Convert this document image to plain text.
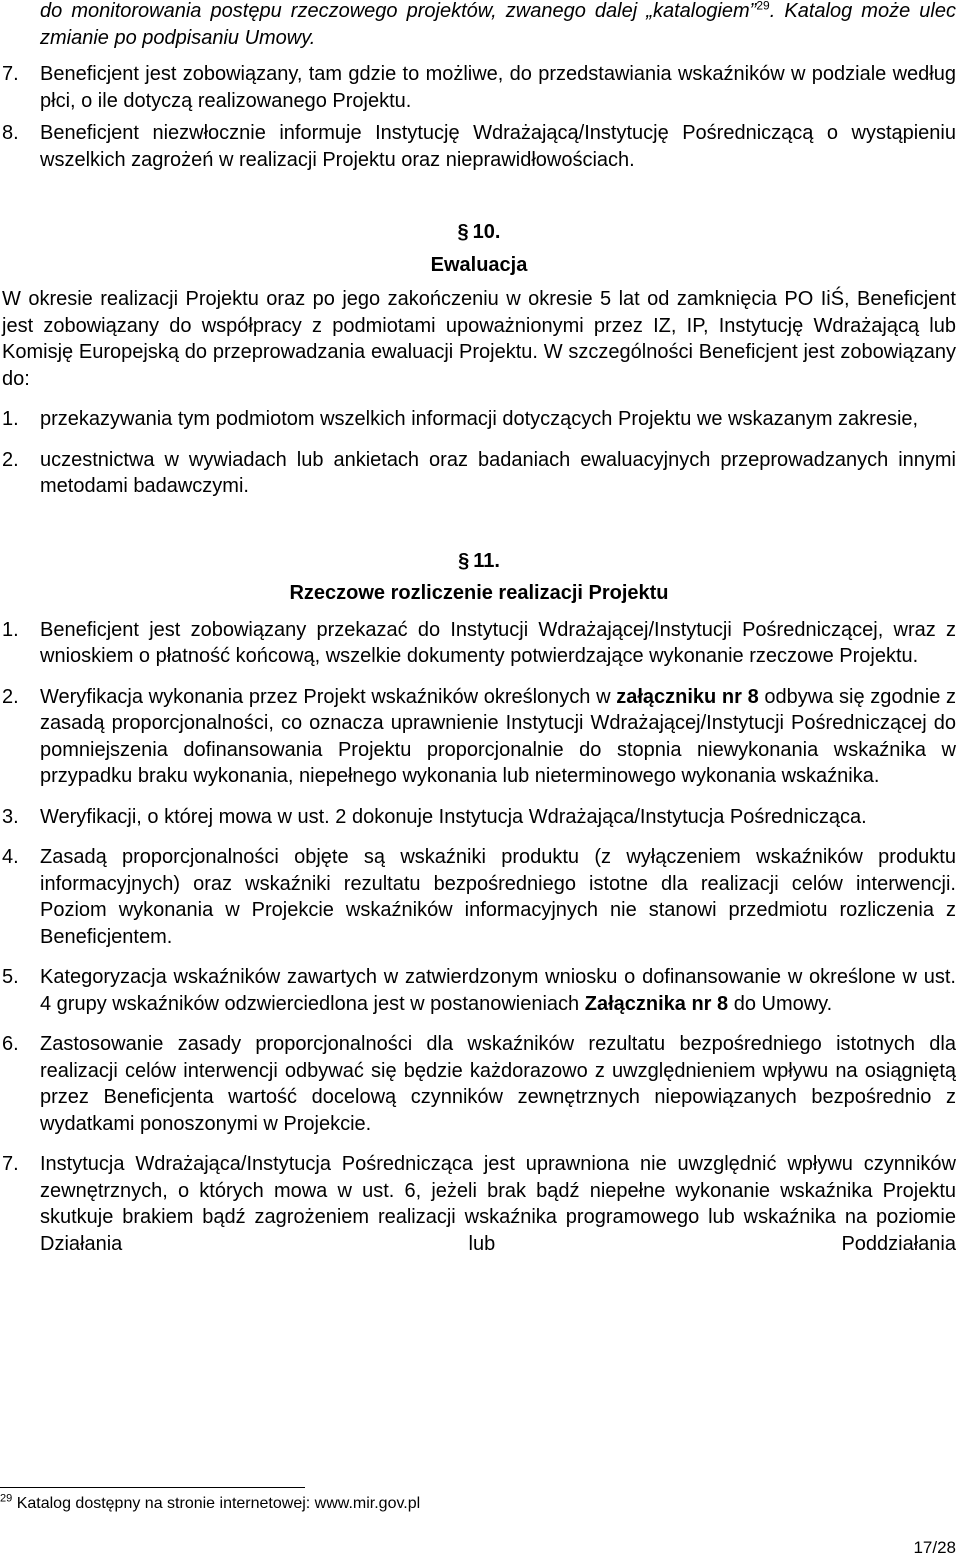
do monitorowania postępu rzeczowego projektów, zwanego dalej „katalogiem”$^{29}$. Katalog może ulec zmianie po podpisaniu Umowy.

7.	Beneficjent jest zobowiązany, tam gdzie to możliwe, do przedstawiania wskaźników w podziale według płci, o ile dotyczą realizowanego Projektu.
8.	Beneficjent niezwłocznie informuje Instytucję Wdrażającą/Instytucję Pośredniczącą o wystąpieniu wszelkich zagrożeń w realizacji Projektu oraz nieprawidłowościach.

§ 10.

Ewaluacja

W okresie realizacji Projektu oraz po jego zakończeniu w okresie 5 lat od zamknięcia PO IiŚ, Beneficjent jest zobowiązany do współpracy z podmiotami upoważnionymi przez IZ, IP, Instytucję Wdrażającą lub Komisję Europejską do przeprowadzania ewaluacji Projektu. W szczególności Beneficjent jest zobowiązany do:

1.	przekazywania tym podmiotom wszelkich informacji dotyczących Projektu we wskazanym zakresie,
2.	uczestnictwa w wywiadach lub ankietach oraz badaniach ewaluacyjnych przeprowadzanych innymi metodami badawczymi.

§ 11.

Rzeczowe rozliczenie realizacji Projektu

1.	Beneficjent jest zobowiązany przekazać do Instytucji Wdrażającej/Instytucji Pośredniczącej, wraz z wnioskiem o płatność końcową, wszelkie dokumenty potwierdzające wykonanie rzeczowe Projektu.
2.	Weryfikacja wykonania przez Projekt wskaźników określonych w załączniku nr 8 odbywa się zgodnie z zasadą proporcjonalności, co oznacza uprawnienie Instytucji Wdrażającej/Instytucji Pośredniczącej do pomniejszenia dofinansowania Projektu proporcjonalnie do stopnia niewykonania wskaźnika w przypadku braku wykonania, niepełnego wykonania lub nieterminowego wykonania wskaźnika.
3.	Weryfikacji, o której mowa w ust. 2 dokonuje Instytucja Wdrażająca/Instytucja Pośrednicząca.
4.	Zasadą proporcjonalności objęte są wskaźniki produktu (z wyłączeniem wskaźników produktu informacyjnych) oraz wskaźniki rezultatu bezpośredniego istotne dla realizacji celów interwencji. Poziom wykonania w Projekcie wskaźników informacyjnych nie stanowi przedmiotu rozliczenia z Beneficjentem.
5.	Kategoryzacja wskaźników zawartych w zatwierdzonym wniosku o dofinansowanie w określone w ust. 4 grupy wskaźników odzwierciedlona jest w postanowieniach Załącznika nr 8 do Umowy.
6.	Zastosowanie zasady proporcjonalności dla wskaźników rezultatu bezpośredniego istotnych dla realizacji celów interwencji odbywać się będzie każdorazowo z uwzględnieniem wpływu na osiągniętą przez Beneficjenta wartość docelową czynników zewnętrznych niepowiązanych bezpośrednio z wydatkami ponoszonymi w Projekcie.
7.	Instytucja Wdrażająca/Instytucja Pośrednicząca jest uprawniona nie uwzględnić wpływu czynników zewnętrznych, o których mowa w ust. 6, jeżeli brak bądź niepełne wykonanie wskaźnika Projektu skutkuje brakiem bądź zagrożeniem realizacji wskaźnika programowego lub wskaźnika na poziomie Działania lub Poddziałania
$^{29}$ Katalog dostępny na stronie internetowej: www.mir.gov.pl
17/28
